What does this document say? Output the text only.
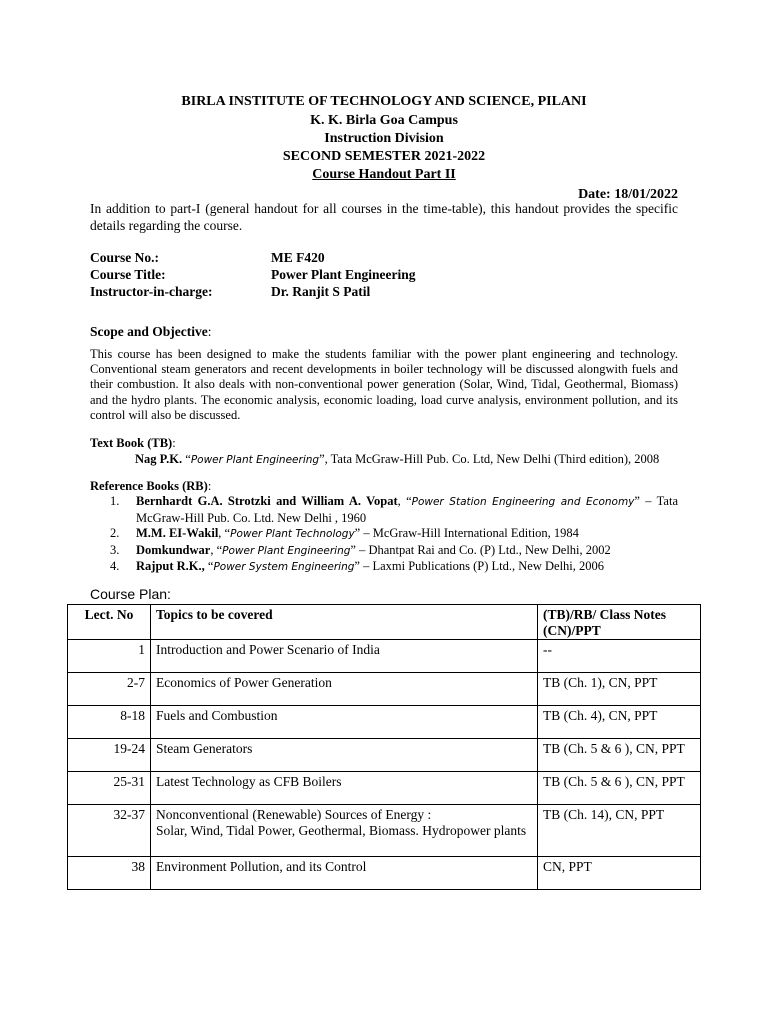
BIRLA INSTITUTE OF TECHNOLOGY AND SCIENCE, PILANI
K. K. Birla Goa Campus
Instruction Division
SECOND SEMESTER 2021-2022
Course Handout Part II
Date: 18/01/2022
In addition to part-I (general handout for all courses in the time-table), this handout provides the specific details regarding the course.
Course No.:	ME F420
Course Title:	Power Plant Engineering
Instructor-in-charge:	Dr. Ranjit S Patil
Scope and Objective:
This course has been designed to make the students familiar with the power plant engineering and technology. Conventional steam generators and recent developments in boiler technology will be discussed alongwith fuels and their combustion. It also deals with non-conventional power generation (Solar, Wind, Tidal, Geothermal, Biomass) and the hydro plants. The economic analysis, economic loading, load curve analysis, environment pollution, and its control will also be discussed.
Text Book (TB):
Nag P.K. “Power Plant Engineering”, Tata McGraw-Hill Pub. Co. Ltd, New Delhi (Third edition), 2008
Reference Books (RB):
1.	Bernhardt G.A. Strotzki and William A. Vopat, “Power Station Engineering and Economy” – Tata McGraw-Hill Pub. Co. Ltd. New Delhi , 1960
2.	M.M. EI-Wakil, “Power Plant Technology” – McGraw-Hill International Edition, 1984
3.	Domkundwar, “Power Plant Engineering” – Dhantpat Rai and Co. (P) Ltd., New Delhi, 2002
4.	Rajput R.K., “Power System Engineering” – Laxmi Publications (P) Ltd., New Delhi, 2006
Course Plan:
Lect. No	Topics to be covered	(TB)/RB/ Class Notes (CN)/PPT
1	Introduction and Power Scenario of India	--
2-7	Economics of Power Generation	TB (Ch. 1), CN, PPT
8-18	Fuels and Combustion	TB (Ch. 4), CN, PPT
19-24	Steam Generators	TB (Ch. 5 & 6 ), CN, PPT
25-31	Latest Technology as CFB Boilers	TB (Ch. 5 & 6 ), CN, PPT
32-37	Nonconventional (Renewable) Sources of Energy :
Solar, Wind, Tidal Power, Geothermal, Biomass. Hydropower plants	TB (Ch. 14), CN, PPT
38	Environment Pollution, and its Control	CN, PPT
